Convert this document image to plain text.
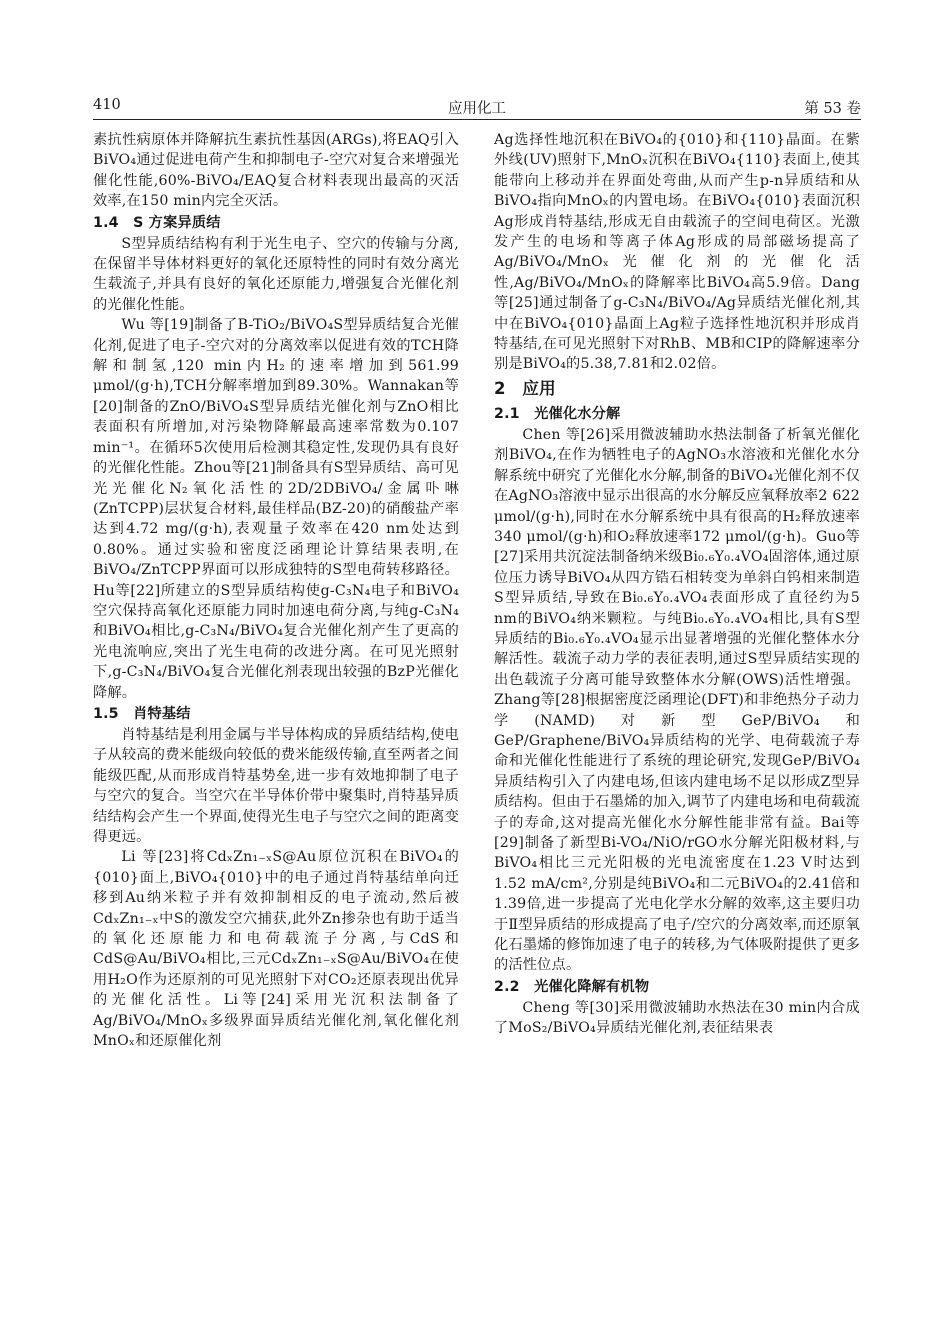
410	应用化工	第 53 卷

素抗性病原体并降解抗生素抗性基因(ARGs),将EAQ引入BiVO₄通过促进电荷产生和抑制电子-空穴对复合来增强光催化性能,60%-BiVO₄/EAQ复合材料表现出最高的灭活效率,在150 min内完全灭活。

1.4　S 方案异质结

S型异质结结构有利于光生电子、空穴的传输与分离,在保留半导体材料更好的氧化还原特性的同时有效分离光生载流子,并具有良好的氧化还原能力,增强复合光催化剂的光催化性能。

Wu 等[19]制备了B-TiO₂/BiVO₄S型异质结复合光催化剂,促进了电子-空穴对的分离效率以促进有效的TCH降解和制氢,120 min内H₂的速率增加到561.99 μmol/(g·h),TCH分解率增加到89.30%。Wannakan等[20]制备的ZnO/BiVO₄S型异质结光催化剂与ZnO相比表面积有所增加,对污染物降解最高速率常数为0.107 min⁻¹。在循环5次使用后检测其稳定性,发现仍具有良好的光催化性能。Zhou等[21]制备具有S型异质结、高可见光光催化N₂氧化活性的2D/2DBiVO₄/金属卟啉(ZnTCPP)层状复合材料,最佳样品(BZ-20)的硝酸盐产率达到4.72 mg/(g·h),表观量子效率在420 nm处达到0.80%。通过实验和密度泛函理论计算结果表明,在BiVO₄/ZnTCPP界面可以形成独特的S型电荷转移路径。Hu等[22]所建立的S型异质结构使g-C₃N₄电子和BiVO₄空穴保持高氧化还原能力同时加速电荷分离,与纯g-C₃N₄和BiVO₄相比,g-C₃N₄/BiVO₄复合光催化剂产生了更高的光电流响应,突出了光生电荷的改进分离。在可见光照射下,g-C₃N₄/BiVO₄复合光催化剂表现出较强的BzP光催化降解。

1.5　肖特基结

肖特基结是利用金属与半导体构成的异质结结构,使电子从较高的费米能级向较低的费米能级传输,直至两者之间能级匹配,从而形成肖特基势垒,进一步有效地抑制了电子与空穴的复合。当空穴在半导体价带中聚集时,肖特基异质结结构会产生一个界面,使得光生电子与空穴之间的距离变得更远。

Li 等[23]将CdₓZn₁₋ₓS@Au原位沉积在BiVO₄的{010}面上,BiVO₄{010}中的电子通过肖特基结单向迁移到Au纳米粒子并有效抑制相反的电子流动,然后被CdₓZn₁₋ₓ中S的激发空穴捕获,此外Zn掺杂也有助于适当的氧化还原能力和电荷载流子分离,与CdS和CdS@Au/BiVO₄相比,三元CdₓZn₁₋ₓS@Au/BiVO₄在使用H₂O作为还原剂的可见光照射下对CO₂还原表现出优异的光催化活性。Li等[24]采用光沉积法制备了Ag/BiVO₄/MnOₓ多级界面异质结光催化剂,氧化催化剂MnOₓ和还原催化剂

Ag选择性地沉积在BiVO₄的{010}和{110}晶面。在紫外线(UV)照射下,MnOₓ沉积在BiVO₄{110}表面上,使其能带向上移动并在界面处弯曲,从而产生p-n异质结和从BiVO₄指向MnOₓ的内置电场。在BiVO₄{010}表面沉积Ag形成肖特基结,形成无自由载流子的空间电荷区。光激发产生的电场和等离子体Ag形成的局部磁场提高了Ag/BiVO₄/MnOₓ光催化剂的光催化活性,Ag/BiVO₄/MnOₓ的降解率比BiVO₄高5.9倍。Dang等[25]通过制备了g-C₃N₄/BiVO₄/Ag异质结光催化剂,其中在BiVO₄{010}晶面上Ag粒子选择性地沉积并形成肖特基结,在可见光照射下对RhB、MB和CIP的降解速率分别是BiVO₄的5.38,7.81和2.02倍。

2　应用
2.1　光催化水分解

Chen 等[26]采用微波辅助水热法制备了析氧光催化剂BiVO₄,在作为牺牲电子的AgNO₃水溶液和光催化水分解系统中研究了光催化水分解,制备的BiVO₄光催化剂不仅在AgNO₃溶液中显示出很高的水分解反应氧释放率2 622 μmol/(g·h),同时在水分解系统中具有很高的H₂释放速率340 μmol/(g·h)和O₂释放速率172 μmol/(g·h)。Guo等[27]采用共沉淀法制备纳米级Bi₀.₆Y₀.₄VO₄固溶体,通过原位压力诱导BiVO₄从四方锆石相转变为单斜白钨相来制造S型异质结,导致在Bi₀.₆Y₀.₄VO₄表面形成了直径约为5 nm的BiVO₄纳米颗粒。与纯Bi₀.₆Y₀.₄VO₄相比,具有S型异质结的Bi₀.₆Y₀.₄VO₄显示出显著增强的光催化整体水分解活性。载流子动力学的表征表明,通过S型异质结实现的出色载流子分离可能导致整体水分解(OWS)活性增强。Zhang等[28]根据密度泛函理论(DFT)和非绝热分子动力学(NAMD)对新型GeP/BiVO₄和GeP/Graphene/BiVO₄异质结构的光学、电荷载流子寿命和光催化性能进行了系统的理论研究,发现GeP/BiVO₄异质结构引入了内建电场,但该内建电场不足以形成Z型异质结构。但由于石墨烯的加入,调节了内建电场和电荷载流子的寿命,这对提高光催化水分解性能非常有益。Bai等[29]制备了新型Bi-VO₄/NiO/rGO水分解光阳极材料,与BiVO₄相比三元光阳极的光电流密度在1.23 V时达到1.52 mA/cm²,分别是纯BiVO₄和二元BiVO₄的2.41倍和1.39倍,进一步提高了光电化学水分解的效率,这主要归功于Ⅱ型异质结的形成提高了电子/空穴的分离效率,而还原氧化石墨烯的修饰加速了电子的转移,为气体吸附提供了更多的活性位点。

2.2　光催化降解有机物

Cheng 等[30]采用微波辅助水热法在30 min内合成了MoS₂/BiVO₄异质结光催化剂,表征结果表
